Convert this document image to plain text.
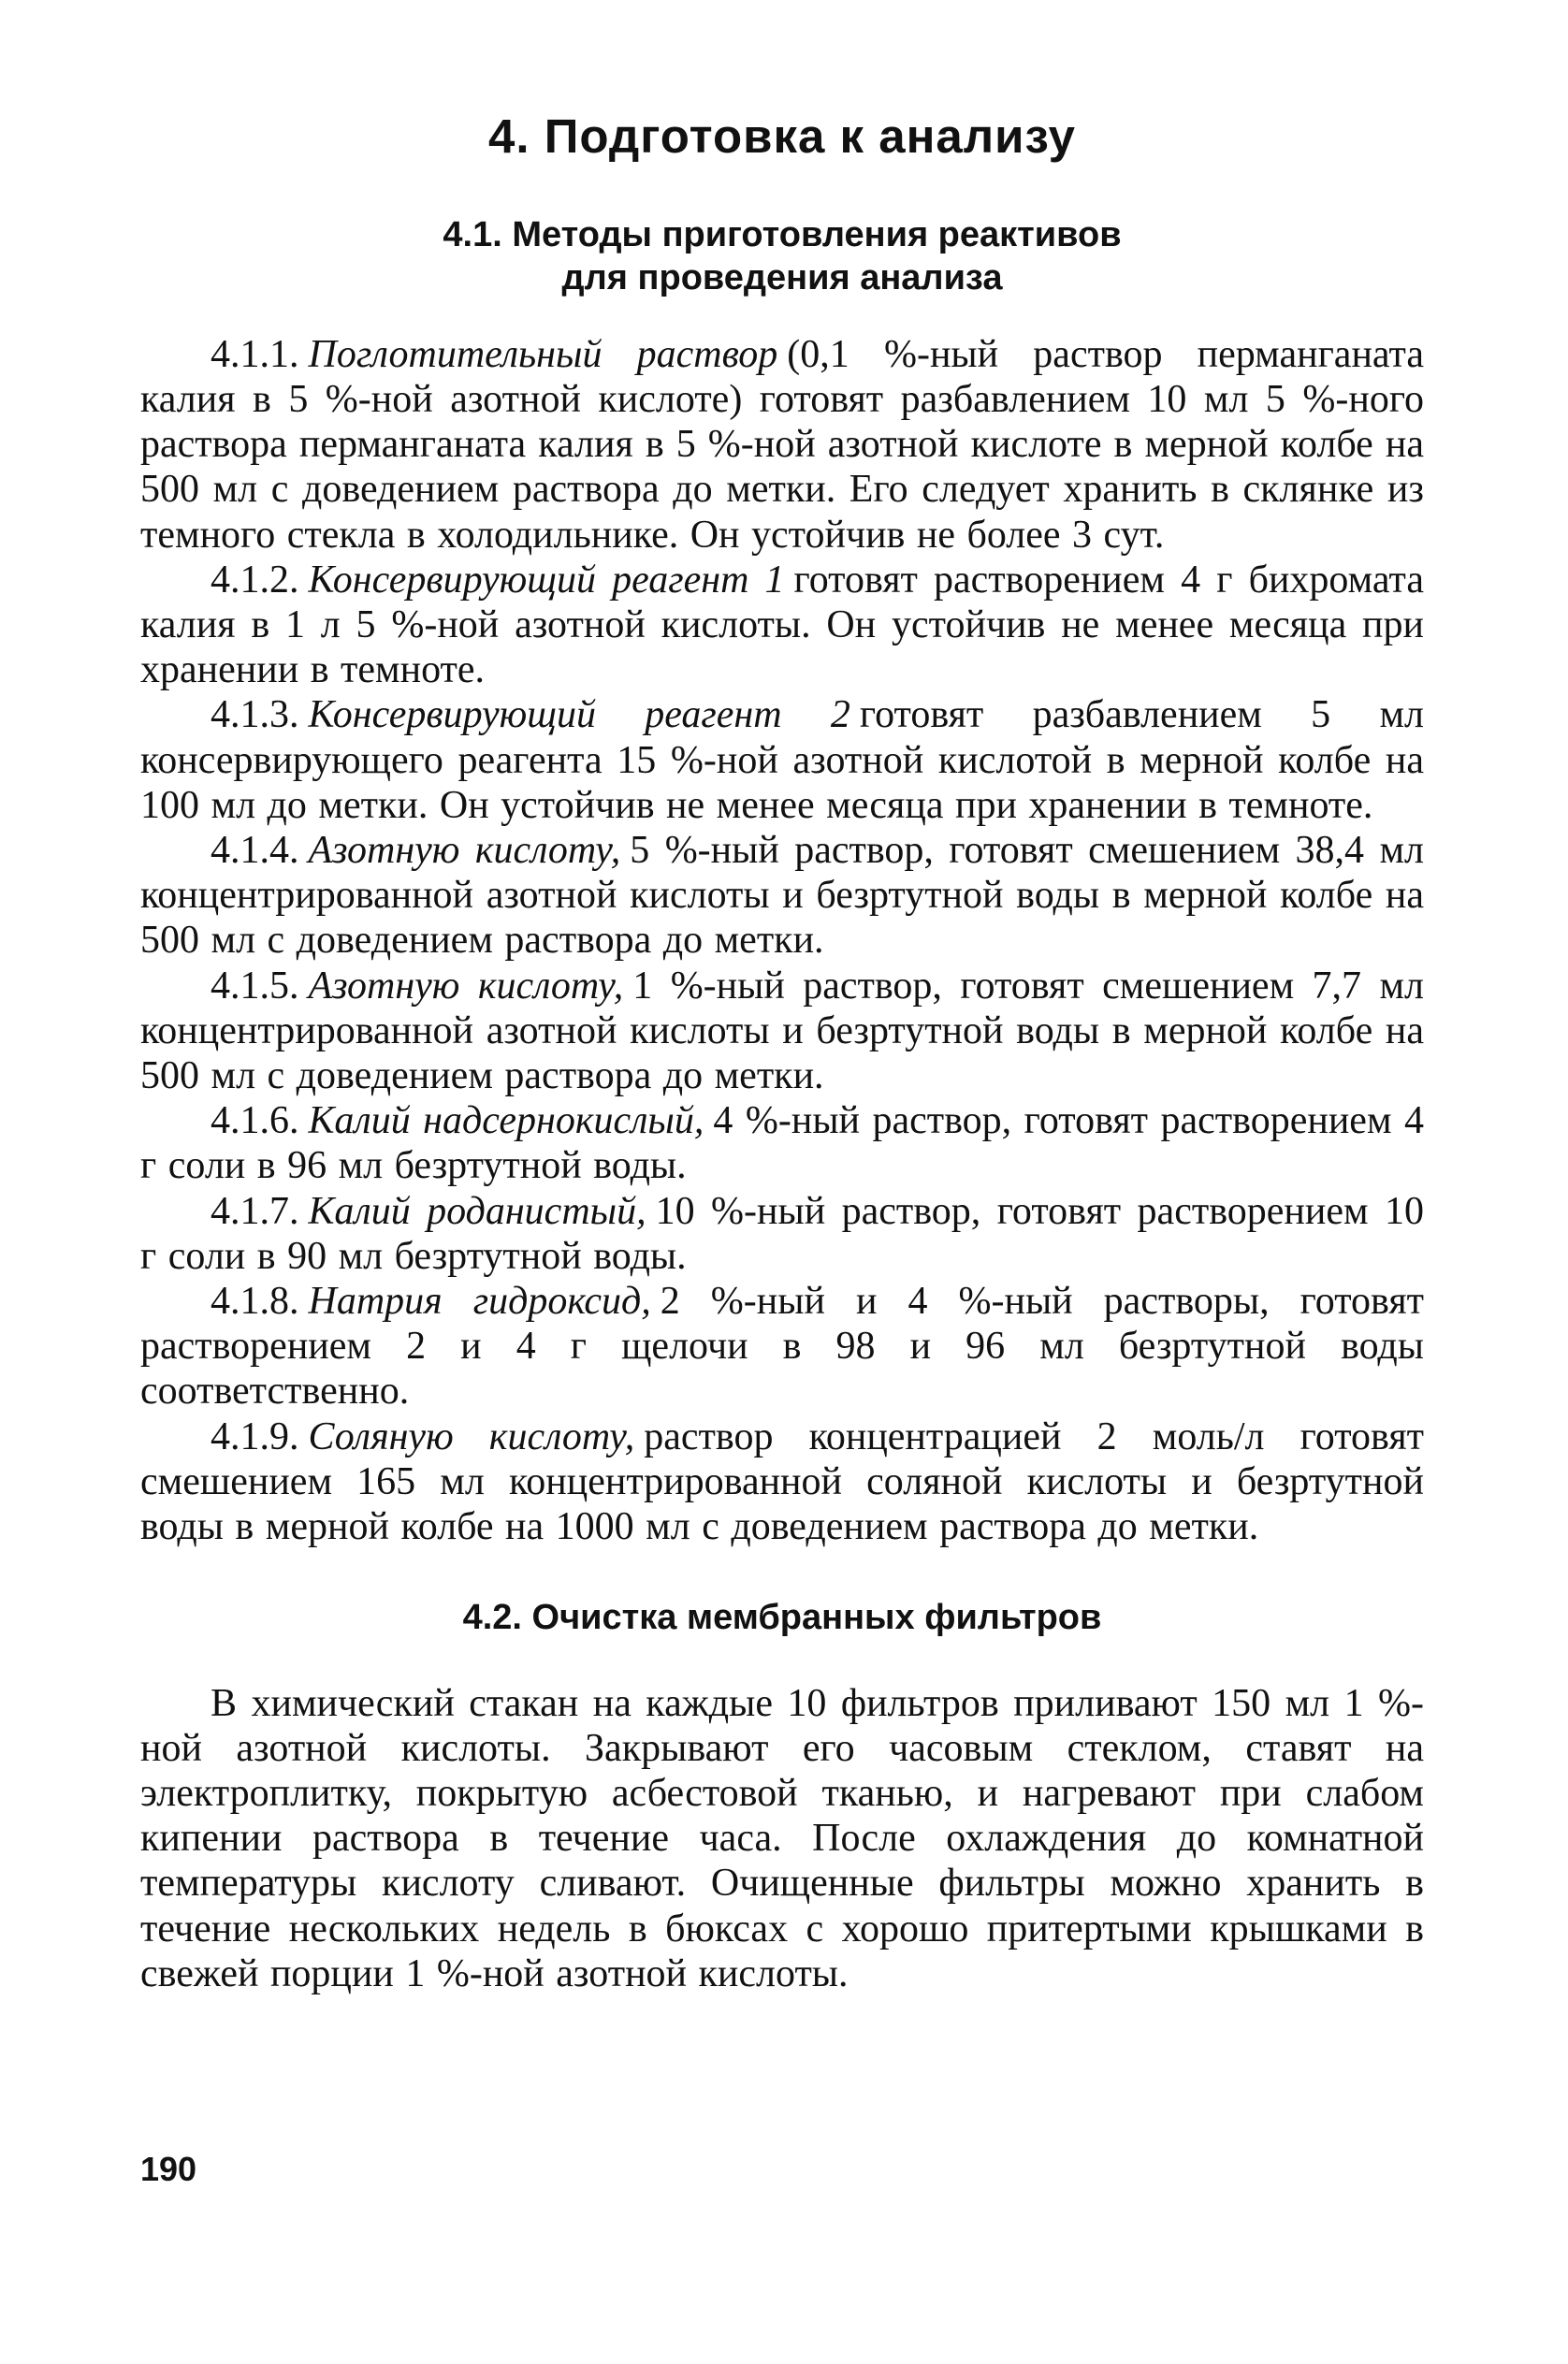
4. Подготовка к анализу
4.1. Методы приготовления реактивов
для проведения анализа

4.1.1. Поглотительный раствор (0,1 %-ный раствор перманганата калия в 5 %-ной азотной кислоте) готовят разбавлением 10 мл 5 %-ного раствора перманганата калия в 5 %-ной азотной кислоте в мерной колбе на 500 мл с доведением раствора до метки. Его следует хранить в склянке из темного стекла в холодильнике. Он устойчив не более 3 сут.

4.1.2. Консервирующий реагент 1 готовят растворением 4 г бихромата калия в 1 л 5 %-ной азотной кислоты. Он устойчив не менее месяца при хранении в темноте.

4.1.3. Консервирующий реагент 2 готовят разбавлением 5 мл консервирующего реагента 15 %-ной азотной кислотой в мерной колбе на 100 мл до метки. Он устойчив не менее месяца при хранении в темноте.

4.1.4. Азотную кислоту, 5 %-ный раствор, готовят смешением 38,4 мл концентрированной азотной кислоты и безртутной воды в мерной колбе на 500 мл с доведением раствора до метки.

4.1.5. Азотную кислоту, 1 %-ный раствор, готовят смешением 7,7 мл концентрированной азотной кислоты и безртутной воды в мерной колбе на 500 мл с доведением раствора до метки.

4.1.6. Калий надсернокислый, 4 %-ный раствор, готовят растворением 4 г соли в 96 мл безртутной воды.

4.1.7. Калий роданистый, 10 %-ный раствор, готовят растворением 10 г соли в 90 мл безртутной воды.

4.1.8. Натрия гидроксид, 2 %-ный и 4 %-ный растворы, готовят растворением 2 и 4 г щелочи в 98 и 96 мл безртутной воды соответственно.

4.1.9. Соляную кислоту, раствор концентрацией 2 моль/л готовят смешением 165 мл концентрированной соляной кислоты и безртутной воды в мерной колбе на 1000 мл с доведением раствора до метки.

4.2. Очистка мембранных фильтров

В химический стакан на каждые 10 фильтров приливают 150 мл 1 %-ной азотной кислоты. Закрывают его часовым стеклом, ставят на электроплитку, покрытую асбестовой тканью, и нагревают при слабом кипении раствора в течение часа. После охлаждения до комнатной температуры кислоту сливают. Очищенные фильтры можно хранить в течение нескольких недель в бюксах с хорошо притертыми крышками в свежей порции 1 %-ной азотной кислоты.

190
